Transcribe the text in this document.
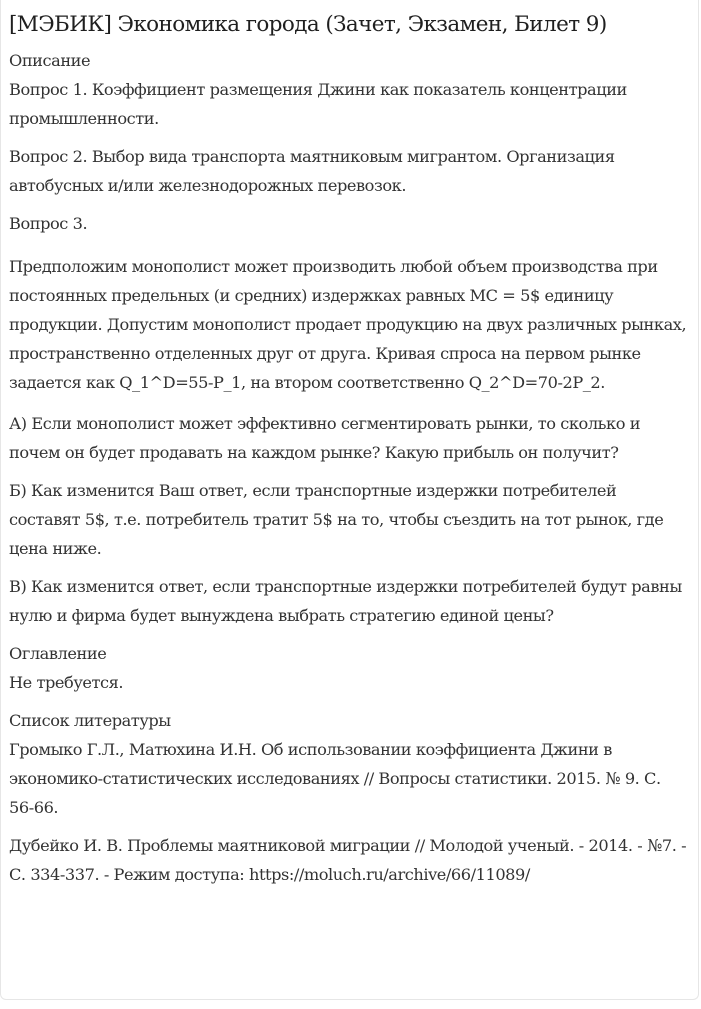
[МЭБИК] Экономика города (Зачет, Экзамен, Билет 9)

Описание

Вопрос 1. Коэффициент размещения Джини как показатель концентрации промышленности.

Вопрос 2. Выбор вида транспорта маятниковым мигрантом. Организация автобусных и/или железнодорожных перевозок.

Вопрос 3.

Предположим монополист может производить любой объем производства при постоянных предельных (и средних) издержках равных MC = 5$ единицу продукции. Допустим монополист продает продукцию на двух различных рынках, пространственно отделенных друг от друга. Кривая спроса на первом рынке задается как Q_1^D=55-P_1, на втором соответственно Q_2^D=70-2P_2.

А) Если монополист может эффективно сегментировать рынки, то сколько и почем он будет продавать на каждом рынке? Какую прибыль он получит?

Б) Как изменится Ваш ответ, если транспортные издержки потребителей составят 5$, т.е. потребитель тратит 5$ на то, чтобы съездить на тот рынок, где цена ниже.

В) Как изменится ответ, если транспортные издержки потребителей будут равны нулю и фирма будет вынуждена выбрать стратегию единой цены?

Оглавление

Не требуется.

Список литературы

Громыко Г.Л., Матюхина И.Н. Об использовании коэффициента Джини в экономико-статистических исследованиях // Вопросы статистики. 2015. № 9. С. 56-66.

Дубейко И. В. Проблемы маятниковой миграции // Молодой ученый. - 2014. - №7. - С. 334-337. - Режим доступа: https://moluch.ru/archive/66/11089/
